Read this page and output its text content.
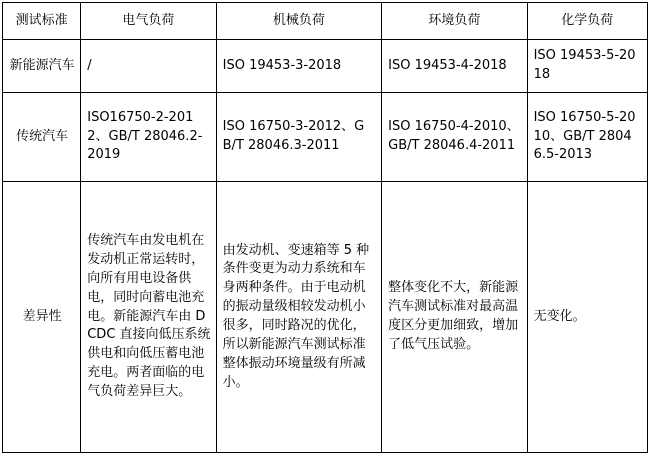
测试标准	电气负荷	机械负荷	环境负荷	化学负荷
新能源汽车	/	ISO 19453-3-2018	ISO 19453-4-2018	ISO 19453-5-2018
传统汽车	ISO16750-2-2012、GB/T 28046.2-2019	ISO 16750-3-2012、GB/T 28046.3-2011	ISO 16750-4-2010、GB/T 28046.4-2011	ISO 16750-5-2010、GB/T 28046.5-2013
差异性	传统汽车由发电机在发动机正常运转时，向所有用电设备供电，同时向蓄电池充电。新能源汽车由 DCDC 直接向低压系统供电和向低压蓄电池充电。两者面临的电气负荷差异巨大。	由发动机、变速箱等 5 种条件变更为动力系统和车身两种条件。由于电动机的振动量级相较发动机小很多，同时路况的优化，所以新能源汽车测试标准整体振动环境量级有所减小。	整体变化不大，新能源汽车测试标准对最高温度区分更加细致，增加了低气压试验。	无变化。
